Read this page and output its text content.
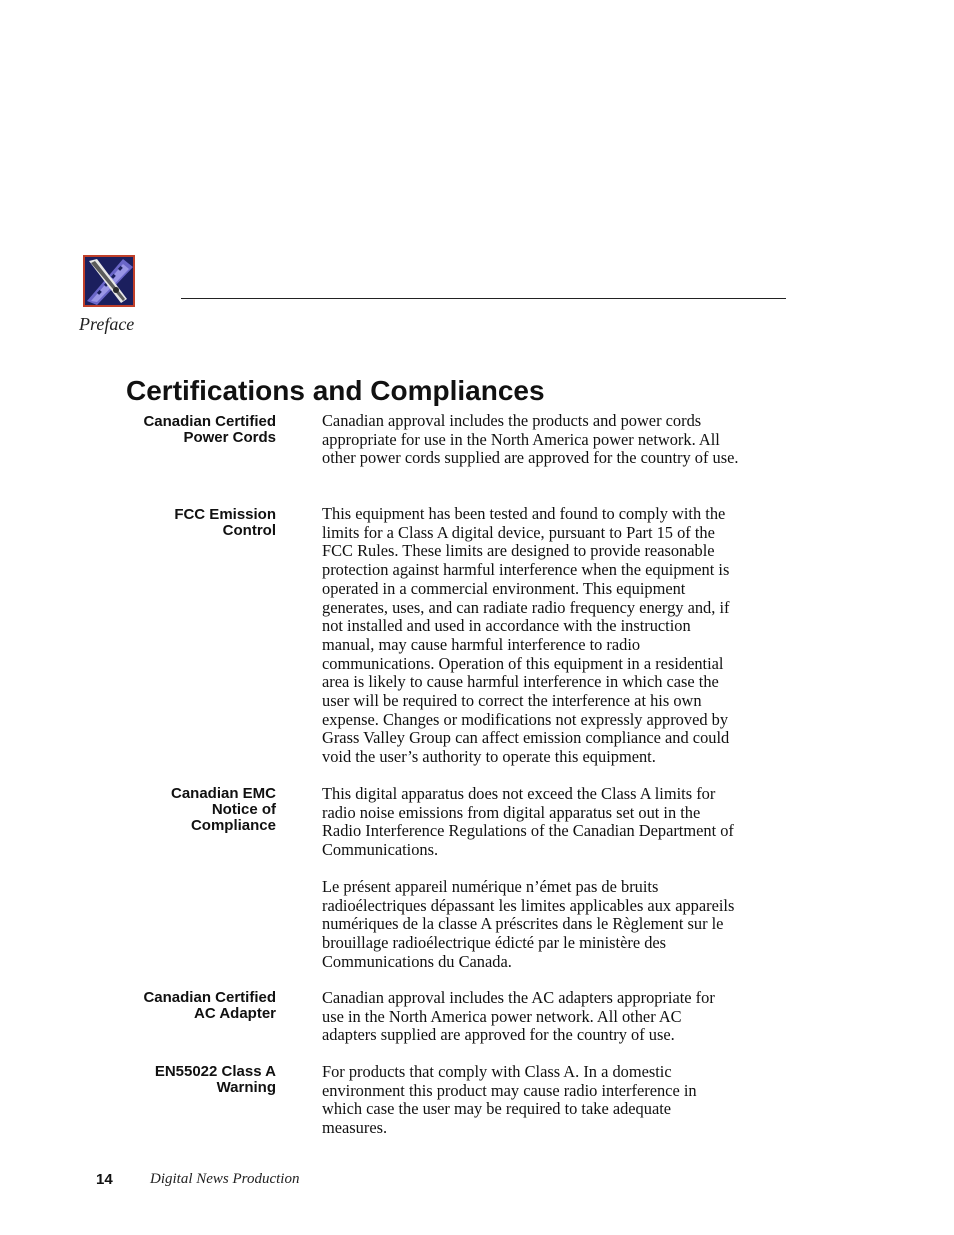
Preface
Certifications and Compliances
Canadian Certified
Power Cords

Canadian approval includes the products and power cords appropriate for use in the North America power network. All other power cords supplied are approved for the country of use.

FCC Emission
Control

This equipment has been tested and found to comply with the limits for a Class A digital device, pursuant to Part 15 of the FCC Rules. These limits are designed to provide reasonable protection against harmful interference when the equipment is operated in a commercial environment. This equipment generates, uses, and can radiate radio frequency energy and, if not installed and used in accordance with the instruction manual, may cause harmful interference to radio communications. Operation of this equipment in a residential area is likely to cause harmful interference in which case the user will be required to correct the interference at his own expense. Changes or modifications not expressly approved by Grass Valley Group can affect emission compliance and could void the user’s authority to operate this equipment.

Canadian EMC
Notice of
Compliance

This digital apparatus does not exceed the Class A limits for radio noise emissions from digital apparatus set out in the Radio Interference Regulations of the Canadian Department of Communications.

Le présent appareil numérique n’émet pas de bruits radioélectriques dépassant les limites applicables aux appareils numériques de la classe A préscrites dans le Règlement sur le brouillage radioélectrique édicté par le ministère des Communications du Canada.

Canadian Certified
AC Adapter

Canadian approval includes the AC adapters appropriate for use in the North America power network. All other AC adapters supplied are approved for the country of use.

EN55022 Class A
Warning

For products that comply with Class A. In a domestic environment this product may cause radio interference in which case the user may be required to take adequate measures.

14 Digital News Production
